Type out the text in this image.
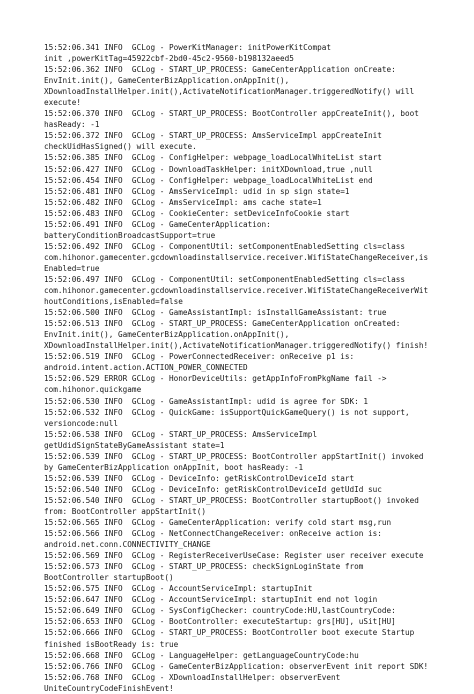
15:52:06.341 INFO  GCLog - PowerKitManager: initPowerKitCompat
init ,powerKitTag=45922cbf-2bd0-45c2-9560-b198132aeed5
15:52:06.362 INFO  GCLog - START_UP_PROCESS: GameCenterApplication onCreate:
EnvInit.init(), GameCenterBizApplication.onAppInit(),
XDownloadInstallHelper.init(),ActivateNotificationManager.triggeredNotify() will
execute!
15:52:06.370 INFO  GCLog - START_UP_PROCESS: BootController appCreateInit(), boot
hasReady: -1
15:52:06.372 INFO  GCLog - START_UP_PROCESS: AmsServiceImpl appCreateInit
checkUidHasSigned() will execute.
15:52:06.385 INFO  GCLog - ConfigHelper: webpage_loadLocalWhiteList start
15:52:06.427 INFO  GCLog - DownloadTaskHelper: initXDownload,true ,null
15:52:06.454 INFO  GCLog - ConfigHelper: webpage_loadLocalWhiteList end
15:52:06.481 INFO  GCLog - AmsServiceImpl: udid in sp sign state=1
15:52:06.482 INFO  GCLog - AmsServiceImpl: ams cache state=1
15:52:06.483 INFO  GCLog - CookieCenter: setDeviceInfoCookie start
15:52:06.491 INFO  GCLog - GameCenterApplication:
batteryConditionBroadcastSupport=true
15:52:06.492 INFO  GCLog - ComponentUtil: setComponentEnabledSetting cls=class
com.hihonor.gamecenter.gcdownloadinstallservice.receiver.WifiStateChangeReceiver,is
Enabled=true
15:52:06.497 INFO  GCLog - ComponentUtil: setComponentEnabledSetting cls=class
com.hihonor.gamecenter.gcdownloadinstallservice.receiver.WifiStateChangeReceiverWit
houtConditions,isEnabled=false
15:52:06.500 INFO  GCLog - GameAssistantImpl: isInstallGameAssistant: true
15:52:06.513 INFO  GCLog - START_UP_PROCESS: GameCenterApplication onCreated:
EnvInit.init(), GameCenterBizApplication.onAppInit(),
XDownloadInstallHelper.init(),ActivateNotificationManager.triggeredNotify() finish!
15:52:06.519 INFO  GCLog - PowerConnectedReceiver: onReceive p1 is:
android.intent.action.ACTION_POWER_CONNECTED
15:52:06.529 ERROR GCLog - HonorDeviceUtils: getAppInfoFromPkgName fail ->
com.hihonor.quickgame
15:52:06.530 INFO  GCLog - GameAssistantImpl: udid is agree for SDK: 1
15:52:06.532 INFO  GCLog - QuickGame: isSupportQuickGameQuery() is not support,
versioncode:null
15:52:06.538 INFO  GCLog - START_UP_PROCESS: AmsServiceImpl
getUdidSignStateByGameAssistant state=1
15:52:06.539 INFO  GCLog - START_UP_PROCESS: BootController appStartInit() invoked
by GameCenterBizApplication onAppInit, boot hasReady: -1
15:52:06.539 INFO  GCLog - DeviceInfo: getRiskControlDeviceId start
15:52:06.540 INFO  GCLog - DeviceInfo: getRiskControlDeviceId getUdId suc
15:52:06.540 INFO  GCLog - START_UP_PROCESS: BootController startupBoot() invoked
from: BootController appStartInit()
15:52:06.565 INFO  GCLog - GameCenterApplication: verify cold start msg,run
15:52:06.566 INFO  GCLog - NetConnectChangeReceiver: onReceive action is:
android.net.conn.CONNECTIVITY_CHANGE
15:52:06.569 INFO  GCLog - RegisterReceiverUseCase: Register user receiver execute
15:52:06.573 INFO  GCLog - START_UP_PROCESS: checkSignLoginState from
BootController startupBoot()
15:52:06.575 INFO  GCLog - AccountServiceImpl: startupInit
15:52:06.647 INFO  GCLog - AccountServiceImpl: startupInit end not login
15:52:06.649 INFO  GCLog - SysConfigChecker: countryCode:HU,lastCountryCode:
15:52:06.653 INFO  GCLog - BootController: executeStartup: grs[HU], uSit[HU]
15:52:06.666 INFO  GCLog - START_UP_PROCESS: BootController boot execute Startup
finished isBootReady is: true
15:52:06.668 INFO  GCLog - LanguageHelper: getLanguageCountryCode:hu
15:52:06.766 INFO  GCLog - GameCenterBizApplication: observerEvent init report SDK!
15:52:06.768 INFO  GCLog - XDownloadInstallHelper: observerEvent
UniteCountryCodeFinishEvent!
